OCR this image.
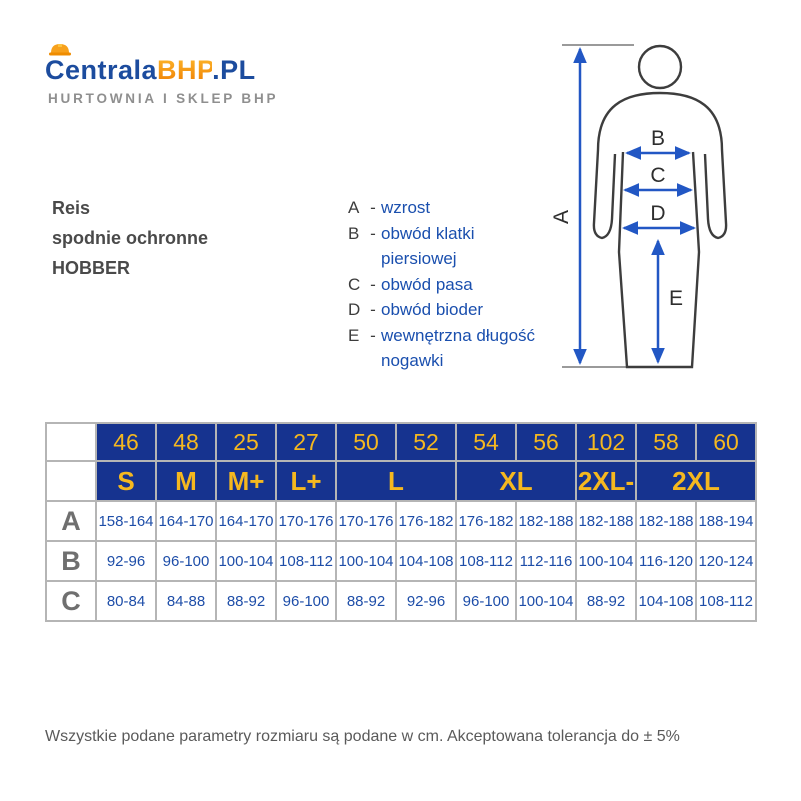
CentralaBHP.PL
HURTOWNIA I SKLEP BHP
Reis
spodnie ochronne
HOBBER
A - wzrost
B - obwód klatki piersiowej
C - obwód pasa
D - obwód bioder
E - wewnętrzna długość nogawki
A
B
C
D
E
	46	48	25	27	50	52	54	56	102	58	60
	S	M	M+	L+	L		XL		2XL-	2XL	
A	158-164	164-170	164-170	170-176	170-176	176-182	176-182	182-188	182-188	182-188	188-194
B	92-96	96-100	100-104	108-112	100-104	104-108	108-112	112-116	100-104	116-120	120-124
C	80-84	84-88	88-92	96-100	88-92	92-96	96-100	100-104	88-92	104-108	108-112
Wszystkie podane parametry rozmiaru są podane w cm. Akceptowana tolerancja do ± 5%
